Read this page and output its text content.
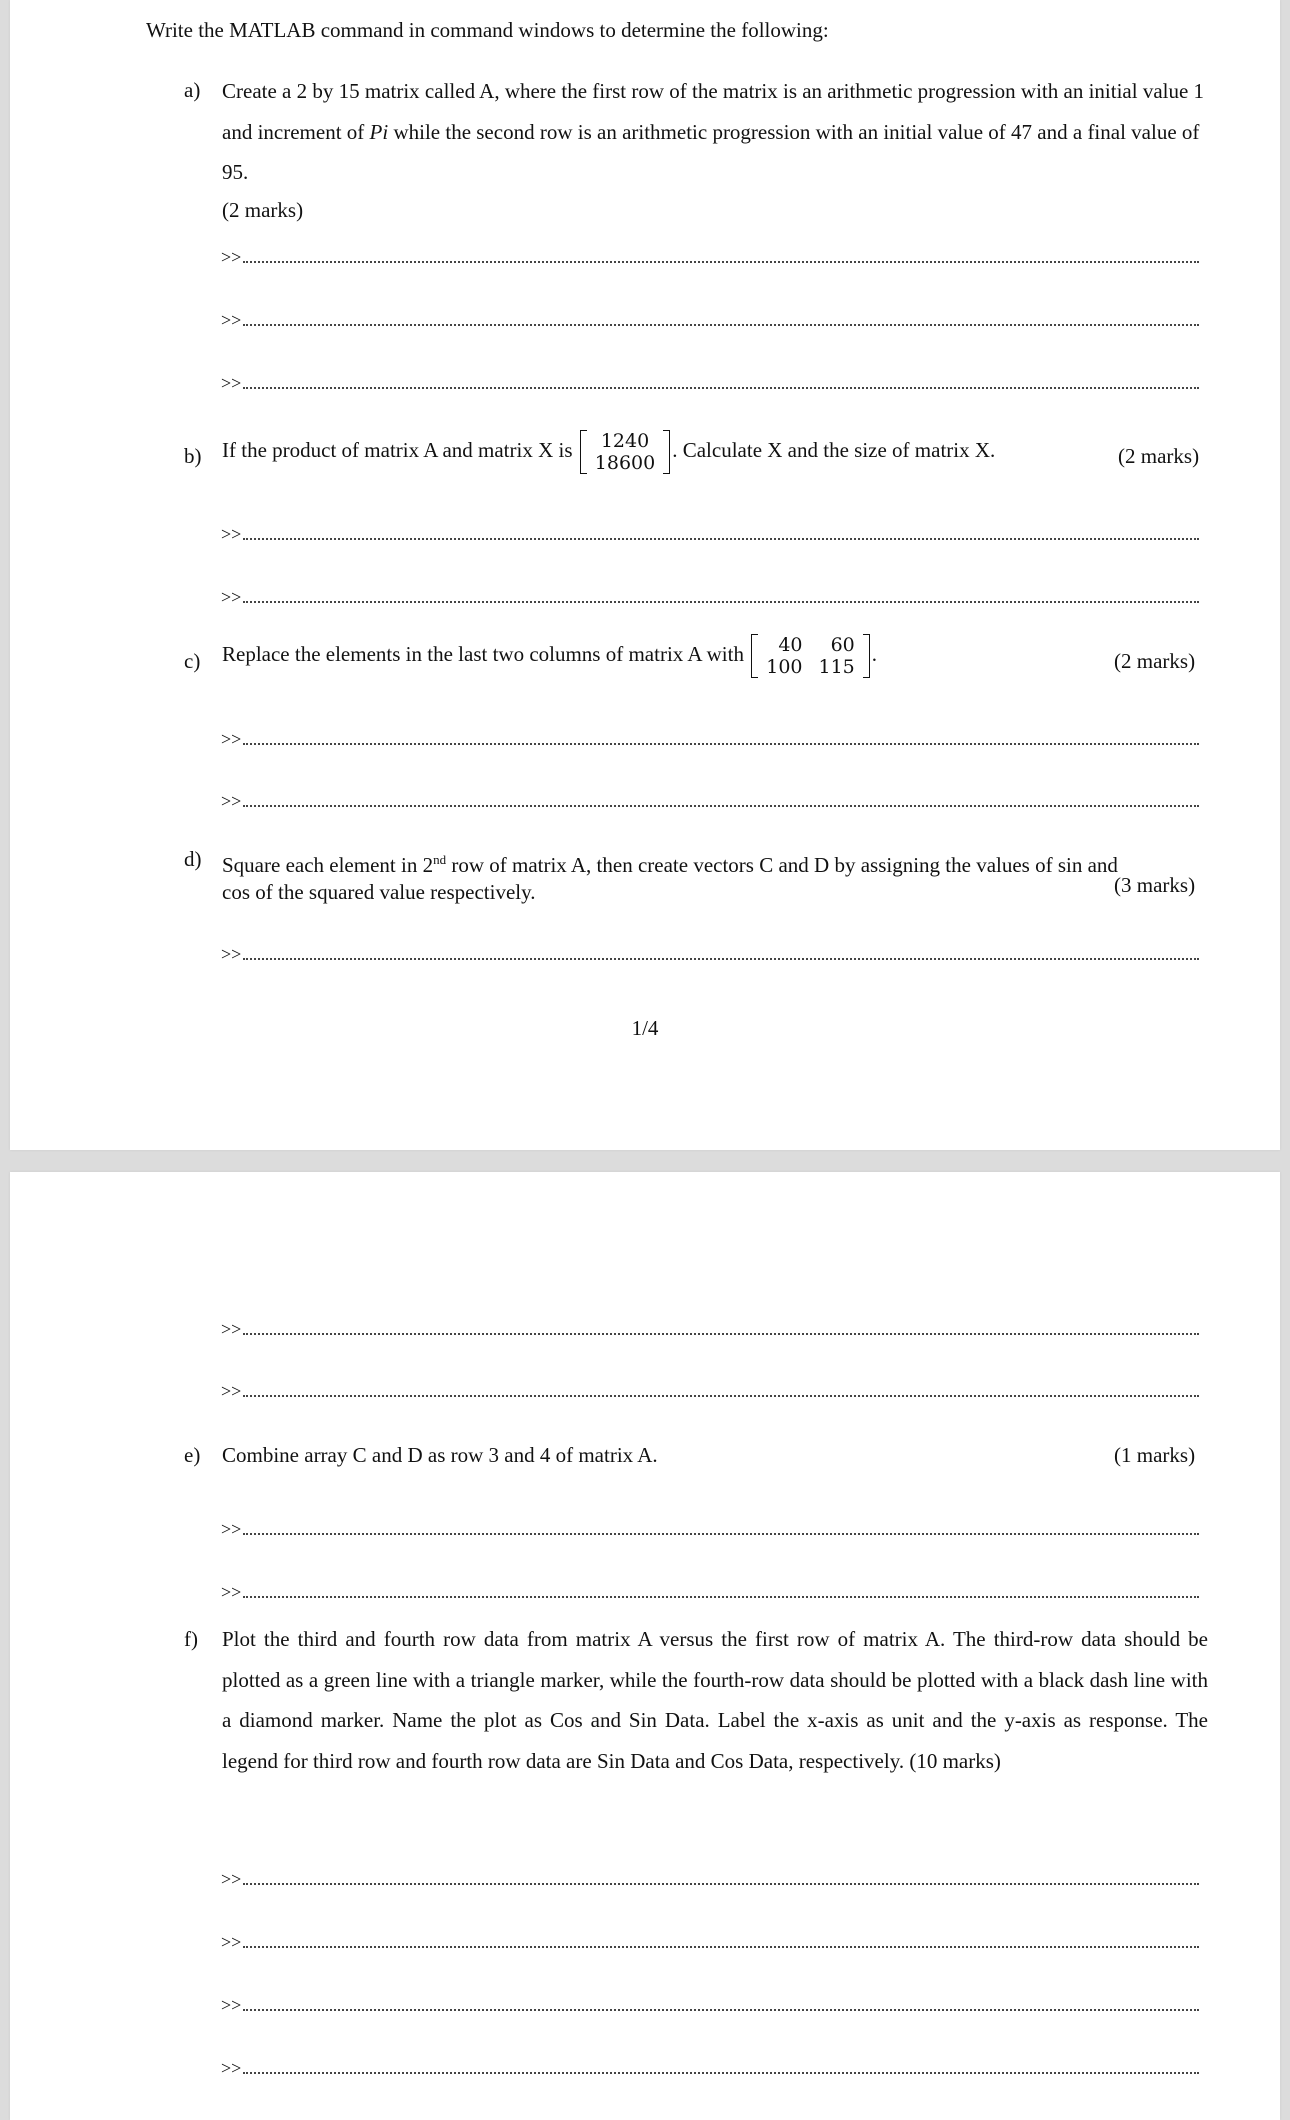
Write the MATLAB command in command windows to determine the following:
a) Create a 2 by 15 matrix called A, where the first row of the matrix is an arithmetic progression with an initial value 1 and increment of Pi while the second row is an arithmetic progression with an initial value of 47 and a final value of 95.
(2 marks)
>>
>>
>>
b) If the product of matrix A and matrix X is 1240
18600
. Calculate X and the size of matrix X.	(2 marks)
>>
>>
c) Replace the elements in the last two columns of matrix A with 40	60
100	115
.	(2 marks)
>>
>>
d) Square each element in 2nd row of matrix A, then create vectors C and D by assigning the values of sin and cos of the squared value respectively.	(3 marks)
>>
1/4
>>
>>
e) Combine array C and D as row 3 and 4 of matrix A.	(1 marks)
>>
>>
f) Plot the third and fourth row data from matrix A versus the first row of matrix A. The third-row data should be plotted as a green line with a triangle marker, while the fourth-row data should be plotted with a black dash line with a diamond marker. Name the plot as Cos and Sin Data. Label the x-axis as unit and the y-axis as response. The legend for third row and fourth row data are Sin Data and Cos Data, respectively. (10 marks)
>>
>>
>>
>>
